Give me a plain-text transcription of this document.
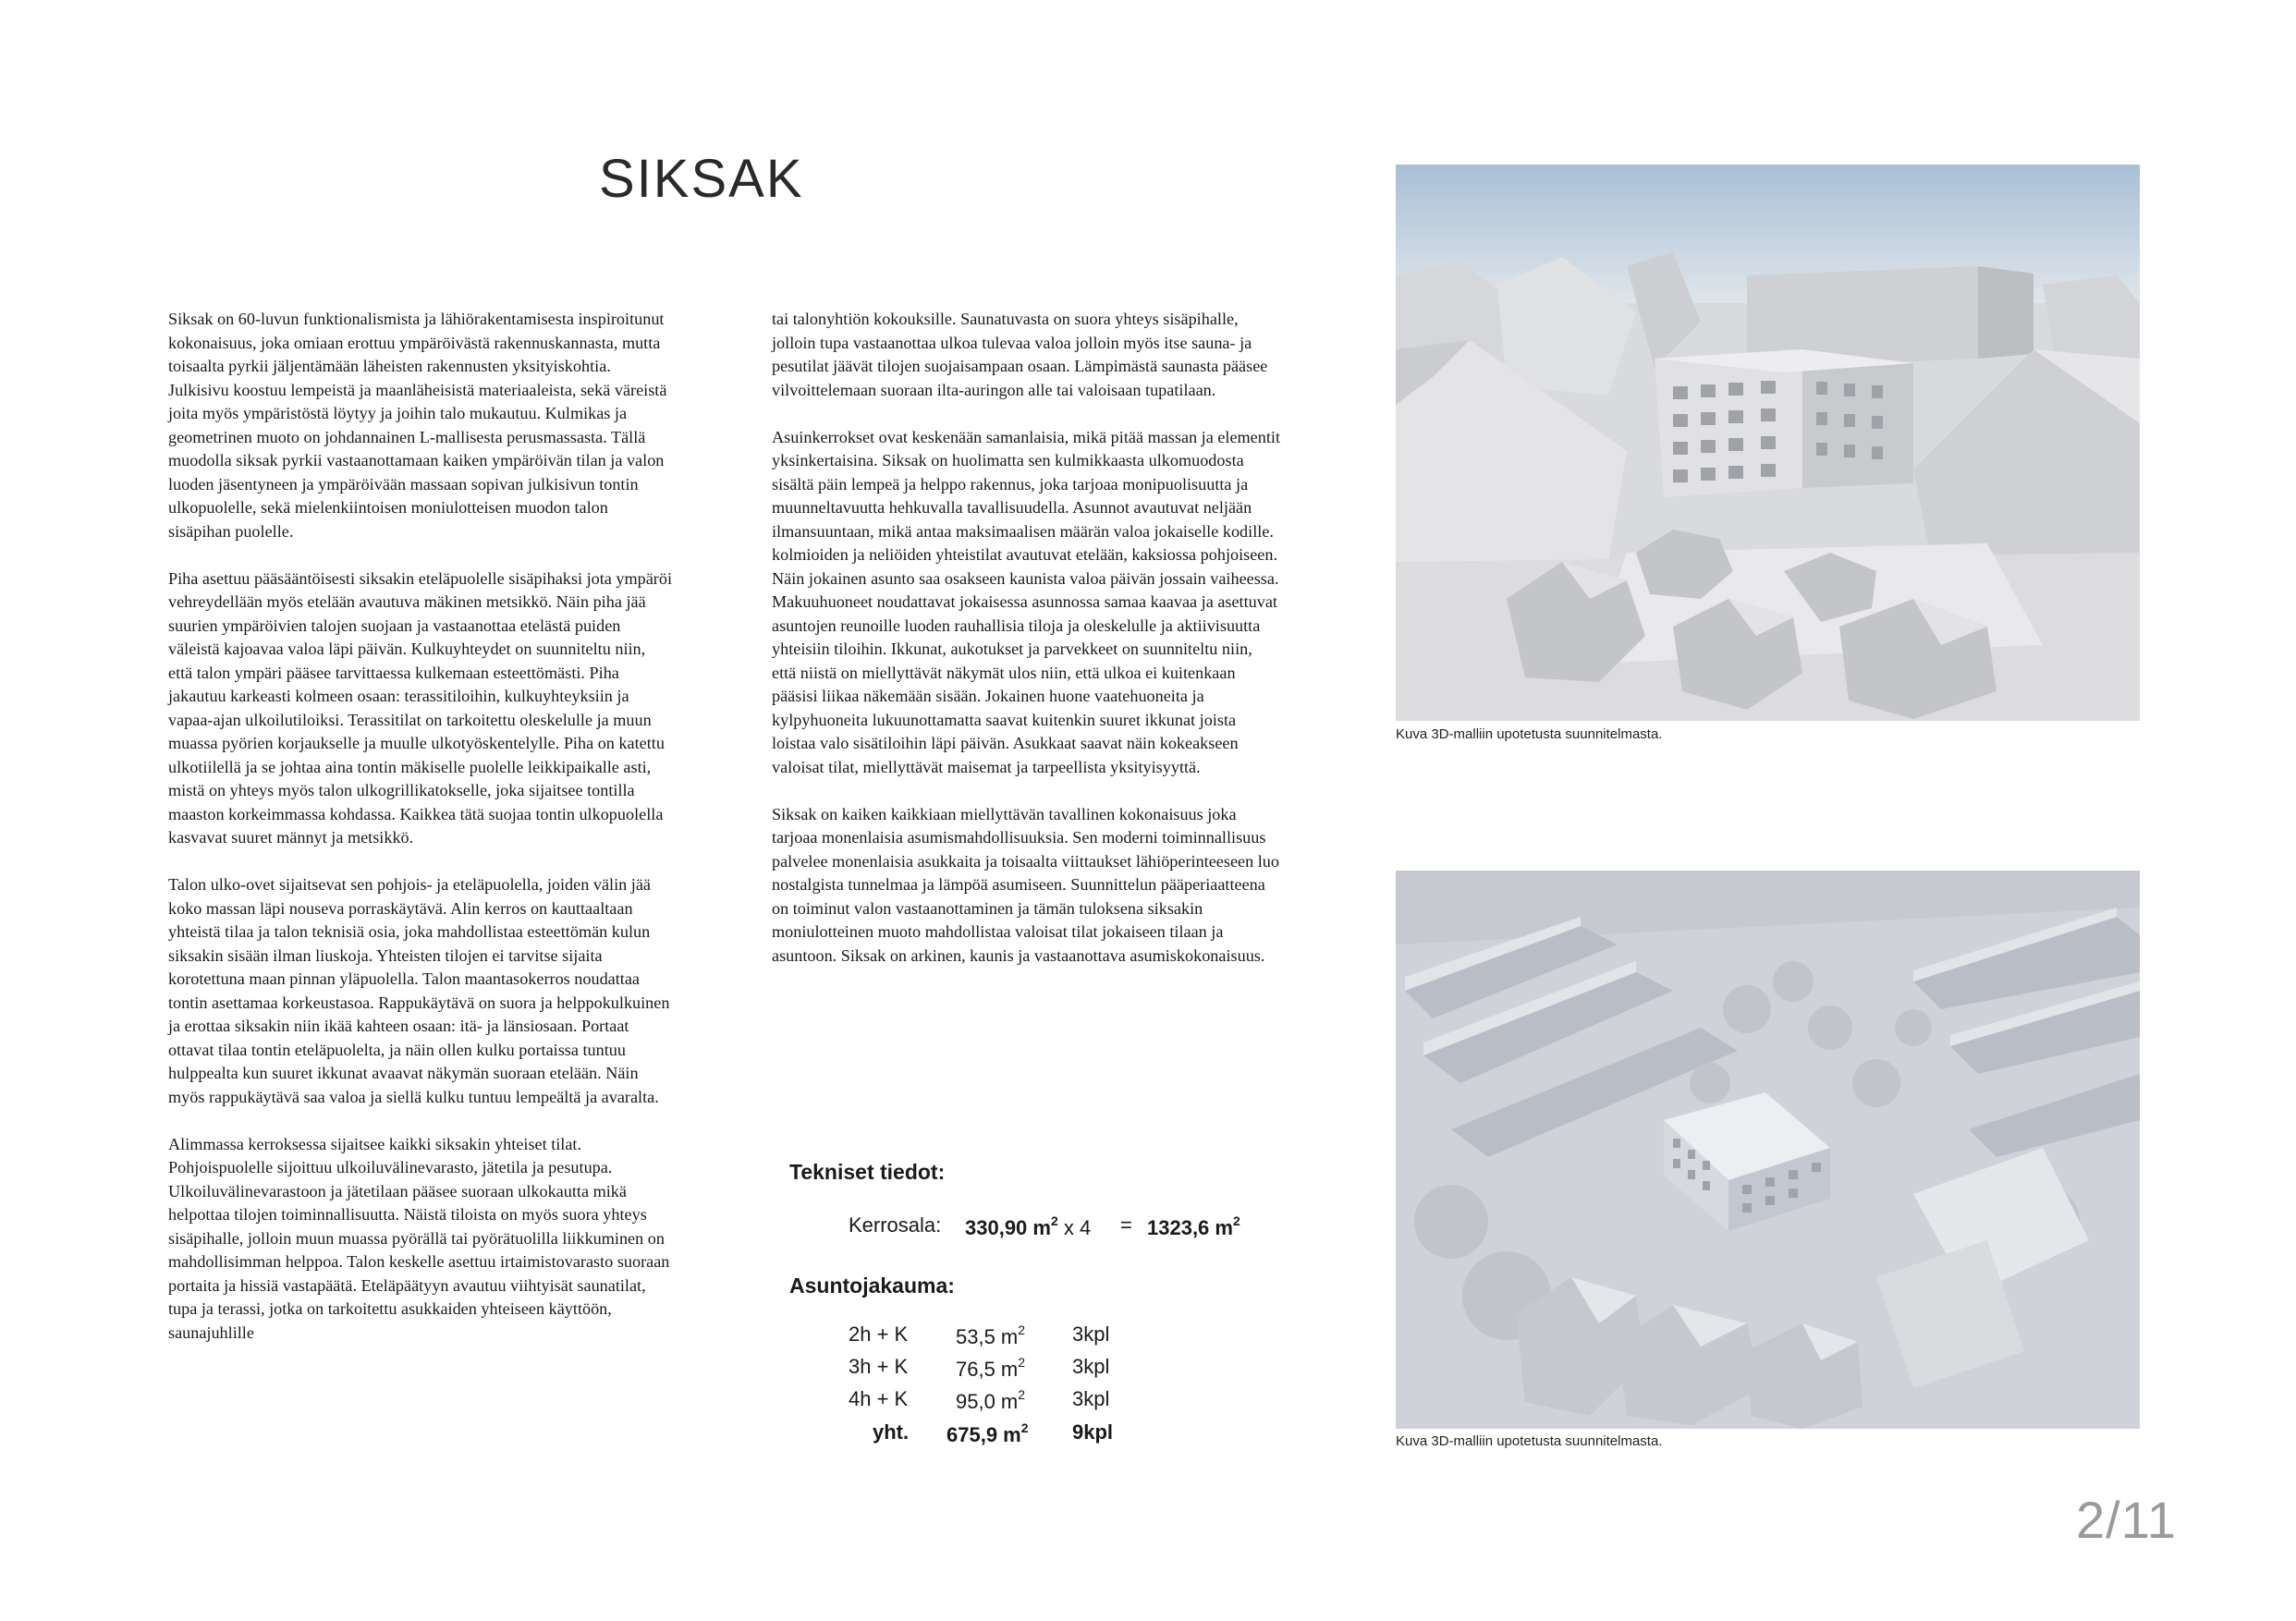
SIKSAK

Siksak on 60-luvun funktionalismista ja lähiörakentamisesta inspiroitunut kokonaisuus, joka omiaan erottuu ympäröivästä rakennuskannasta, mutta toisaalta pyrkii jäljentämään läheisten rakennusten yksityiskohtia. Julkisivu koostuu lempeistä ja maanläheisistä materiaaleista, sekä väreistä joita myös ympäristöstä löytyy ja joihin talo mukautuu. Kulmikas ja geometrinen muoto on johdannainen L-mallisesta perusmassasta. Tällä muodolla siksak pyrkii vastaanottamaan kaiken ympäröivän tilan ja valon luoden jäsentyneen ja ympäröivään massaan sopivan julkisivun tontin ulkopuolelle, sekä mielenkiintoisen moniulotteisen muodon talon sisäpihan puolelle.

Piha asettuu pääsääntöisesti siksakin eteläpuolelle sisäpihaksi jota ympäröi vehreydellään myös etelään avautuva mäkinen metsikkö. Näin piha jää suurien ympäröivien talojen suojaan ja vastaanottaa etelästä puiden väleistä kajoavaa valoa läpi päivän. Kulkuyhteydet on suunniteltu niin, että talon ympäri pääsee tarvittaessa kulkemaan esteettömästi. Piha jakautuu karkeasti kolmeen osaan: terassitiloihin, kulkuyhteyksiin ja vapaa-ajan ulkoilutiloiksi. Terassitilat on tarkoitettu oleskelulle ja muun muassa pyörien korjaukselle ja muulle ulkotyöskentelylle. Piha on katettu ulkotiilellä ja se johtaa aina tontin mäkiselle puolelle leikkipaikalle asti, mistä on yhteys myös talon ulkogrillikatokselle, joka sijaitsee tontilla maaston korkeimmassa kohdassa. Kaikkea tätä suojaa tontin ulkopuolella kasvavat suuret männyt ja metsikkö.

Talon ulko-ovet sijaitsevat sen pohjois- ja eteläpuolella, joiden välin jää koko massan läpi nouseva porraskäytävä. Alin kerros on kauttaaltaan yhteistä tilaa ja talon teknisiä osia, joka mahdollistaa esteettömän kulun siksakin sisään ilman liuskoja. Yhteisten tilojen ei tarvitse sijaita korotettuna maan pinnan yläpuolella. Talon maantasokerros noudattaa tontin asettamaa korkeustasoa. Rappukäytävä on suora ja helppokulkuinen ja erottaa siksakin niin ikää kahteen osaan: itä- ja länsiosaan. Portaat ottavat tilaa tontin eteläpuolelta, ja näin ollen kulku portaissa tuntuu hulppealta kun suuret ikkunat avaavat näkymän suoraan etelään. Näin myös rappukäytävä saa valoa ja siellä kulku tuntuu lempeältä ja avaralta.

Alimmassa kerroksessa sijaitsee kaikki siksakin yhteiset tilat. Pohjoispuolelle sijoittuu ulkoiluvälinevarasto, jätetila ja pesutupa. Ulkoiluvälinevarastoon ja jätetilaan pääsee suoraan ulkokautta mikä helpottaa tilojen toiminnallisuutta. Näistä tiloista on myös suora yhteys sisäpihalle, jolloin muun muassa pyörällä tai pyörätuolilla liikkuminen on mahdollisimman helppoa. Talon keskelle asettuu irtaimistovarasto suoraan portaita ja hissiä vastapäätä. Eteläpäätyyn avautuu viihtyisät saunatilat, tupa ja terassi, jotka on tarkoitettu asukkaiden yhteiseen käyttöön, saunajuhlille

tai talonyhtiön kokouksille. Saunatuvasta on suora yhteys sisäpihalle, jolloin tupa vastaanottaa ulkoa tulevaa valoa jolloin myös itse sauna- ja pesutilat jäävät tilojen suojaisampaan osaan. Lämpimästä saunasta pääsee vilvoittelemaan suoraan ilta-auringon alle tai valoisaan tupatilaan.

Asuinkerrokset ovat keskenään samanlaisia, mikä pitää massan ja elementit yksinkertaisina. Siksak on huolimatta sen kulmikkaasta ulkomuodosta sisältä päin lempeä ja helppo rakennus, joka tarjoaa monipuolisuutta ja muunneltavuutta hehkuvalla tavallisuudella. Asunnot avautuvat neljään ilmansuuntaan, mikä antaa maksimaalisen määrän valoa jokaiselle kodille. kolmioiden ja neliöiden yhteistilat avautuvat etelään, kaksiossa pohjoiseen. Näin jokainen asunto saa osakseen kaunista valoa päivän jossain vaiheessa. Makuuhuoneet noudattavat jokaisessa asunnossa samaa kaavaa ja asettuvat asuntojen reunoille luoden rauhallisia tiloja ja oleskelulle ja aktiivisuutta yhteisiin tiloihin. Ikkunat, aukotukset ja parvekkeet on suunniteltu niin, että niistä on miellyttävät näkymät ulos niin, että ulkoa ei kuitenkaan pääsisi liikaa näkemään sisään. Jokainen huone vaatehuoneita ja kylpyhuoneita lukuunottamatta saavat kuitenkin suuret ikkunat joista loistaa valo sisätiloihin läpi päivän. Asukkaat saavat näin kokeakseen valoisat tilat, miellyttävät maisemat ja tarpeellista yksityisyyttä.

Siksak on kaiken kaikkiaan miellyttävän tavallinen kokonaisuus joka tarjoaa monenlaisia asumismahdollisuuksia. Sen moderni toiminnallisuus palvelee monenlaisia asukkaita ja toisaalta viittaukset lähiöperinteeseen luo nostalgista tunnelmaa ja lämpöä asumiseen. Suunnittelun pääperiaatteena on toiminut valon vastaanottaminen ja tämän tuloksena siksakin moniulotteinen muoto mahdollistaa valoisat tilat jokaiseen tilaan ja asuntoon. Siksak on arkinen, kaunis ja vastaanottava asumiskokonaisuus.

Tekniset tiedot:
Kerrosala: 330,90 $m^2$ x 4 = 1323,6 $m^2$
Asuntojakauma:
2h + K 53,5 $m^2$ 3kpl
3h + K 76,5 $m^2$ 3kpl
4h + K 95,0 $m^2$ 3kpl
yht. 675,9 $m^2$ 9kpl
Kuva 3D-malliin upotetusta suunnitelmasta.
Kuva 3D-malliin upotetusta suunnitelmasta.
2/11
